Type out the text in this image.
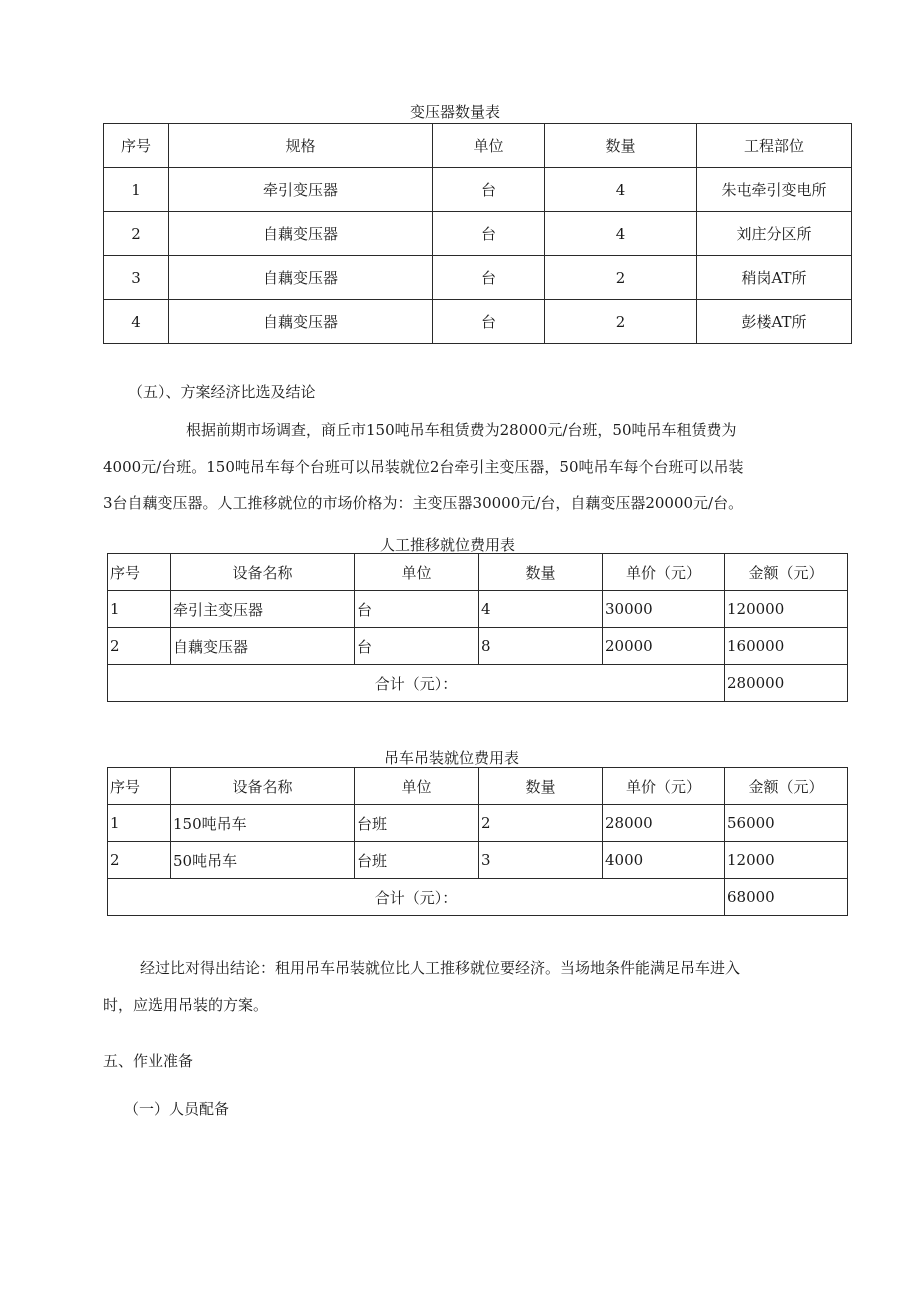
变压器数量表
序号	规格	单位	数量	工程部位
1	牵引变压器	台	4	朱屯牵引变电所
2	自藕变压器	台	4	刘庄分区所
3	自藕变压器	台	2	稍岗AT所
4	自藕变压器	台	2	彭楼AT所
（五）、方案经济比选及结论
根据前期市场调查，商丘市150吨吊车租赁费为28000元/台班，50吨吊车租赁费为
4000元/台班。150吨吊车每个台班可以吊装就位2台牵引主变压器，50吨吊车每个台班可以吊装
3台自藕变压器。人工推移就位的市场价格为：主变压器30000元/台，自藕变压器20000元/台。
人工推移就位费用表
序号	设备名称	单位	数量	单价（元）	金额（元）
1	牵引主变压器	台	4	30000	120000
2	自藕变压器	台	8	20000	160000
合计（元）：					280000
吊车吊装就位费用表
序号	设备名称	单位	数量	单价（元）	金额（元）
1	150吨吊车	台班	2	28000	56000
2	50吨吊车	台班	3	4000	12000
合计（元）：					68000
经过比对得出结论：租用吊车吊装就位比人工推移就位要经济。当场地条件能满足吊车进入
时，应选用吊装的方案。
五、作业准备
（一）人员配备
